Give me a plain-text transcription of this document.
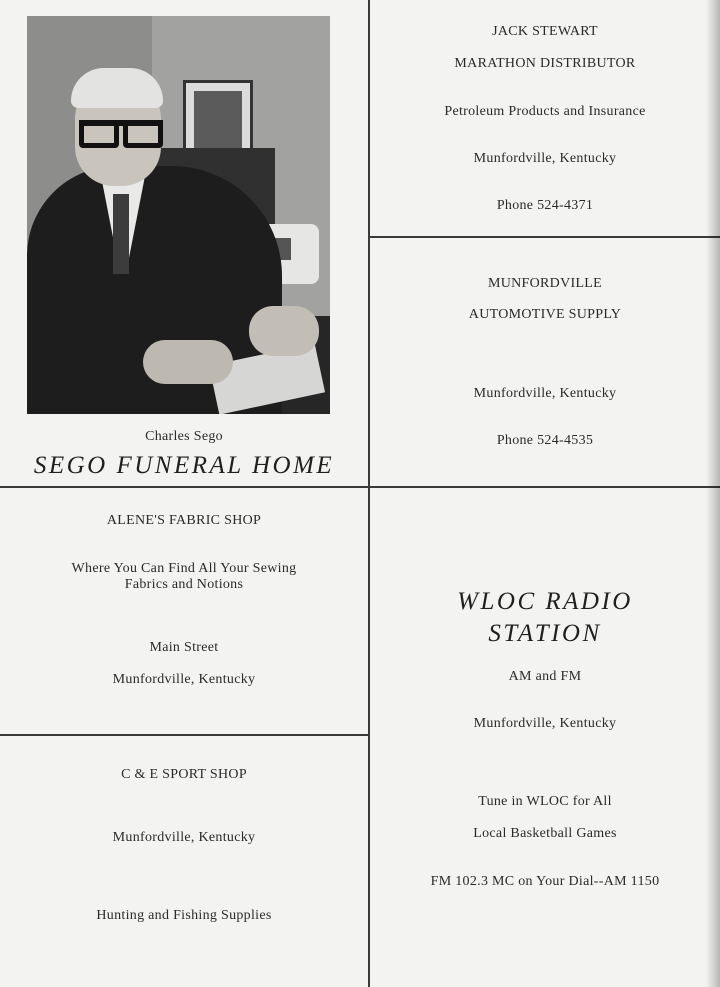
Charles Sego
SEGO FUNERAL HOME
JACK STEWART
MARATHON DISTRIBUTOR
Petroleum Products and Insurance
Munfordville, Kentucky
Phone 524-4371
MUNFORDVILLE
AUTOMOTIVE SUPPLY
Munfordville, Kentucky
Phone 524-4535
ALENE'S FABRIC SHOP
Where You Can Find All Your Sewing
Fabrics and Notions
Main Street
Munfordville, Kentucky
C & E SPORT SHOP
Munfordville, Kentucky
Hunting and Fishing Supplies
WLOC RADIO
STATION
AM and FM
Munfordville, Kentucky
Tune in WLOC for All
Local Basketball Games
FM 102.3 MC on Your Dial--AM 1150
